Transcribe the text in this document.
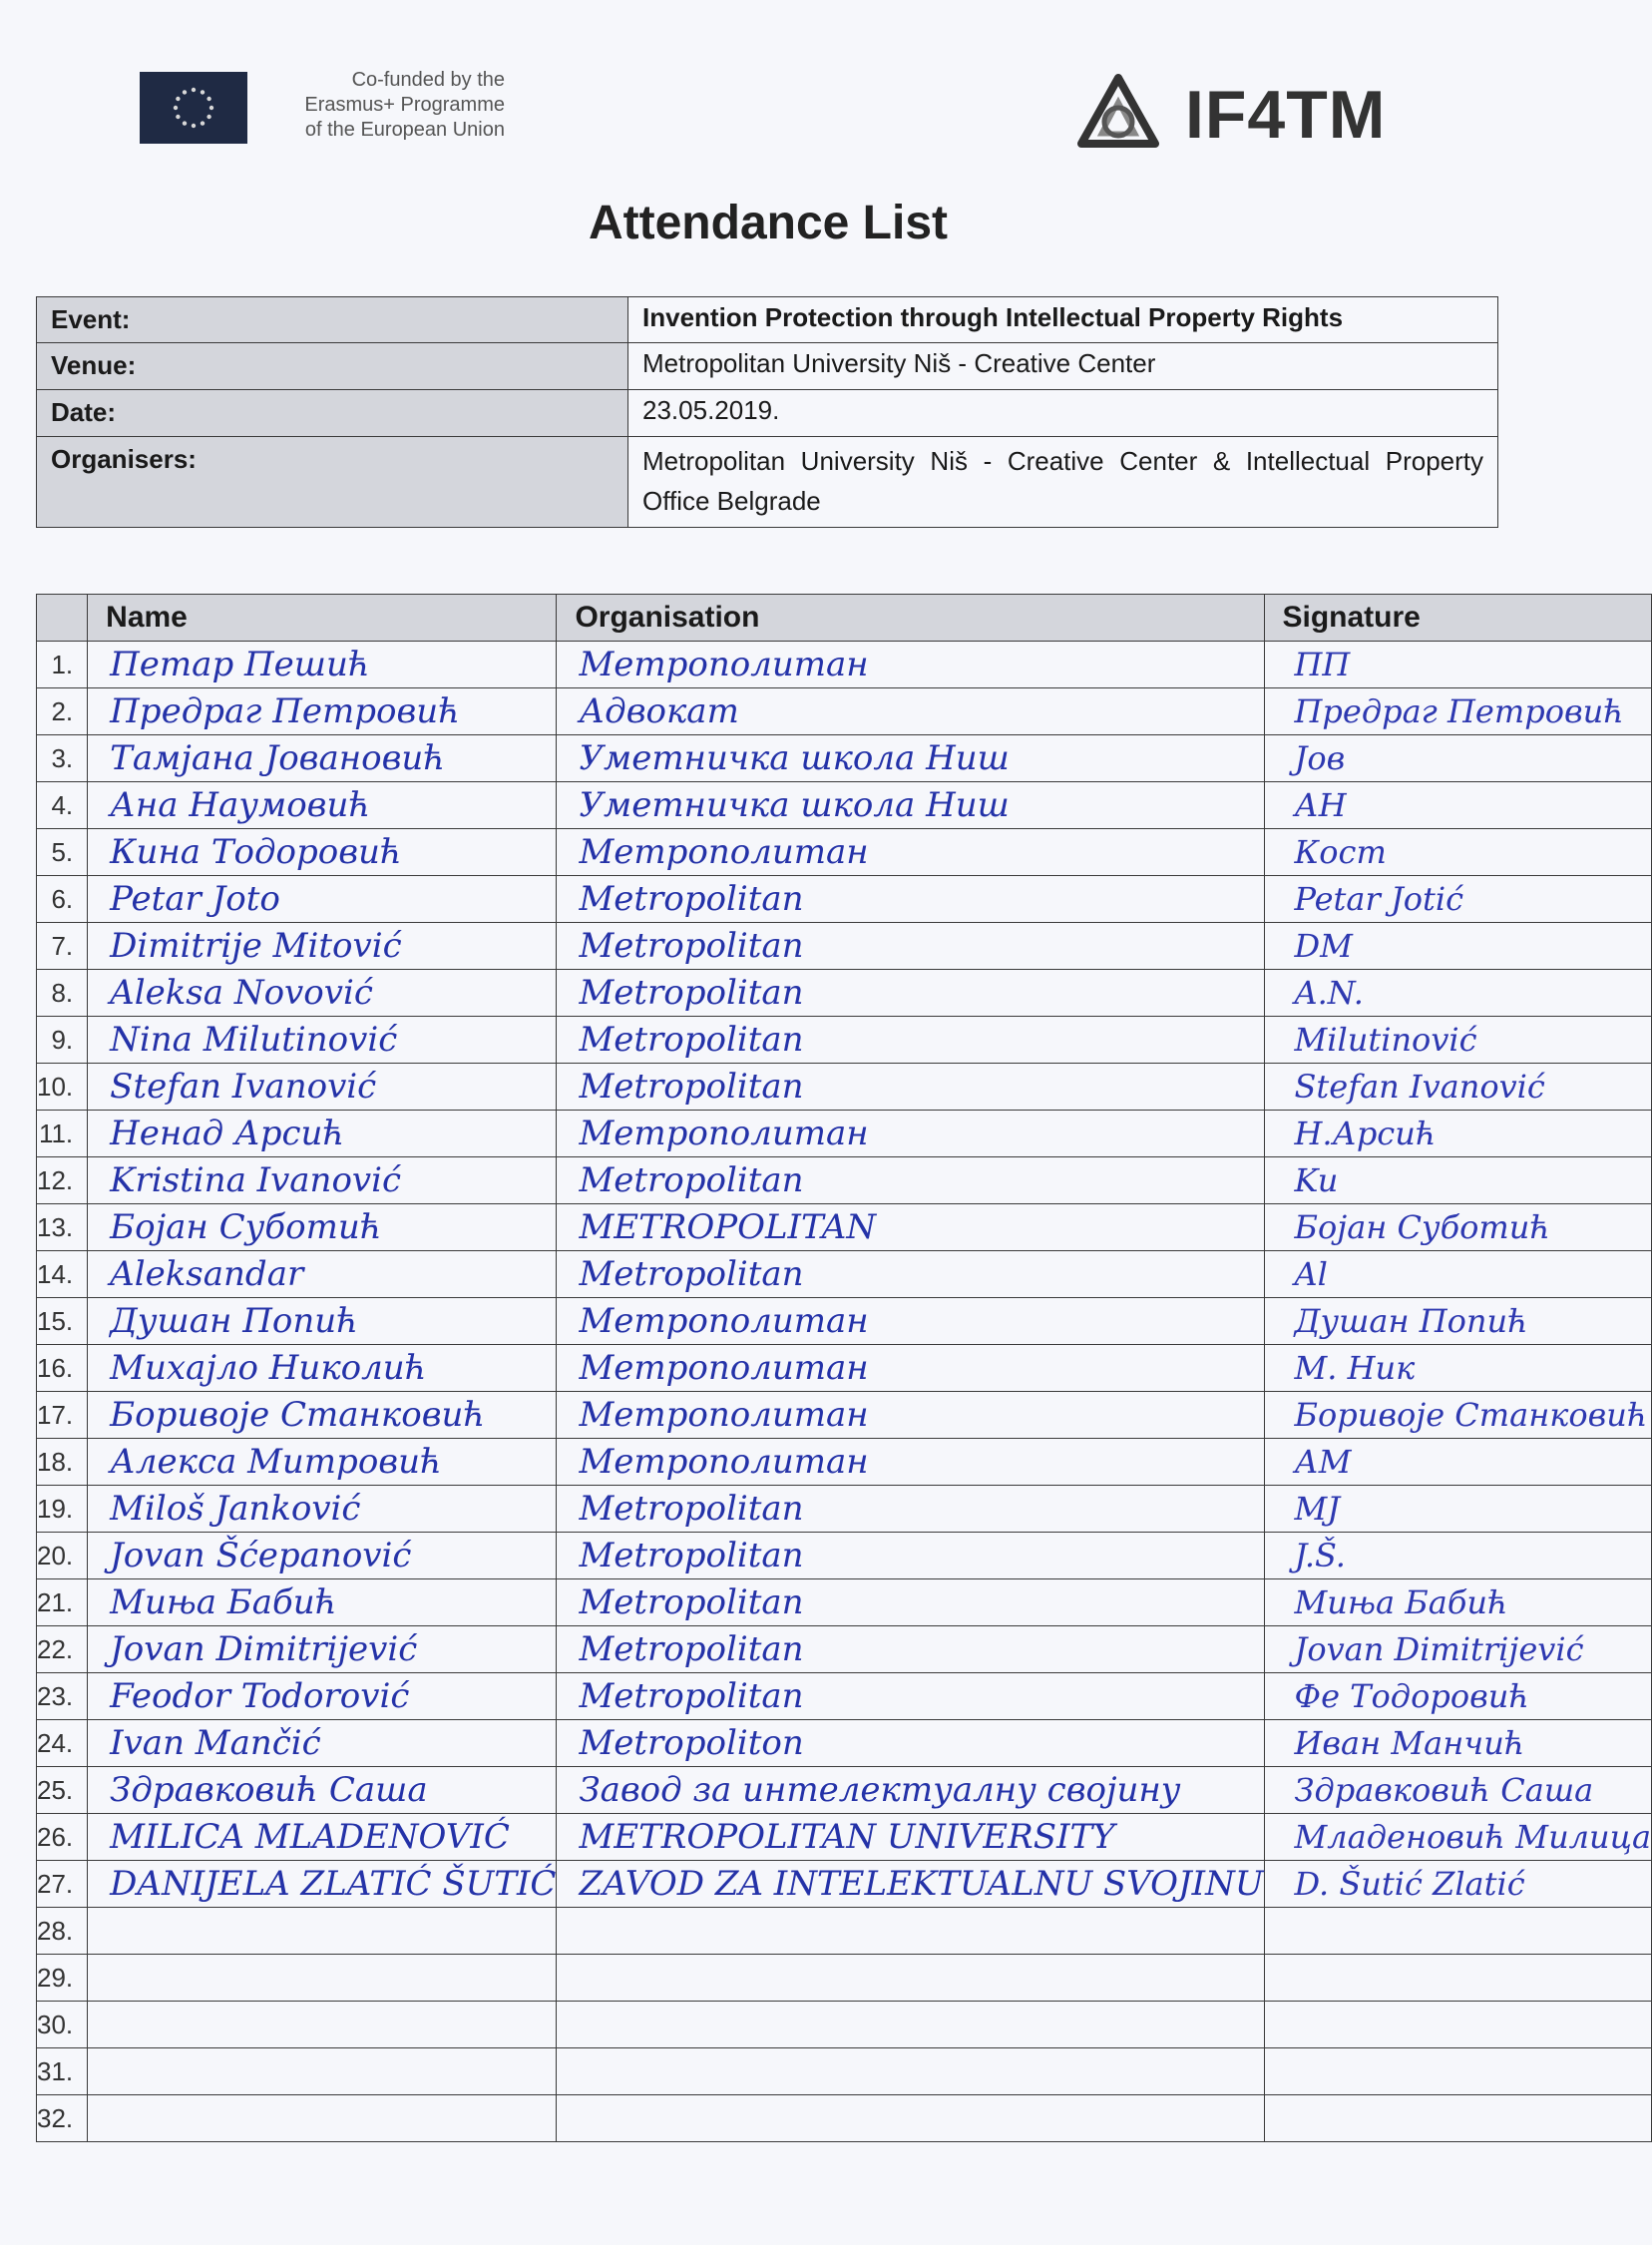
Co-funded by the
Erasmus+ Programme
of the European Union	IF4TM
Attendance List
Event:	Invention Protection through Intellectual Property Rights
Venue:	Metropolitan University Niš - Creative Center
Date:	23.05.2019.
Organisers:	Metropolitan University Niš - Creative Center & Intellectual Property Office Belgrade
	Name	Organisation	Signature
1.	Петар Пешић	Метрополитан	ПП

2.	Предраг Петровић	Адвокат	Предраг Петровић

3.	Тамјана Јовановић	Уметничка школа Ниш	Јов

4.	Ана Наумовић	Уметничка школа Ниш	АН

5.	Кина Тодоровић	Метрополитан	Кост

6.	Petar Joto	Metropolitan	Petar Jotić

7.	Dimitrije Mitović	Metropolitan	DM

8.	Aleksa Novović	Metropolitan	A.N.

9.	Nina Milutinović	Metropolitan	Milutinović

10.	Stefan Ivanović	Metropolitan	Stefan Ivanović

11.	Ненад Арсић	Метрополитан	Н.Арсић

12.	Kristina Ivanović	Metropolitan	Ku

13.	Бојан Суботић	METROPOLITAN	Бојан Суботић

14.	Aleksandar	Metropolitan	Al

15.	Душан Попић	Метрополитан	Душан Попић

16.	Михајло Николић	Метрополитан	M. Ник

17.	Боривоје Станковић	Метрополитан	Боривоје Станковић

18.	Алекса Митровић	Метрополитан	АМ

19.	Miloš Janković	Metropolitan	MJ

20.	Jovan Šćepanović	Metropolitan	J.Š.

21.	Миња Бабић	Metropolitan	Миња Бабић

22.	Jovan Dimitrijević	Metropolitan	Jovan Dimitrijević

23.	Feodor Todorović	Metropolitan	Фе Тодоровић

24.	Ivan Mančić	Metropoliton	Иван Манчић

25.	Здравковић Саша	Завод за интелектуалну својину	Здравковић Саша

26.	MILICA MLADENOVIĆ	METROPOLITAN UNIVERSITY	Младеновић Милица

27.	DANIJELA ZLATIĆ ŠUTIĆ	ZAVOD ZA INTELEKTUALNU SVOJINU	D. Šutić Zlatić

28.	

29.	

30.	

31.	

32.	
